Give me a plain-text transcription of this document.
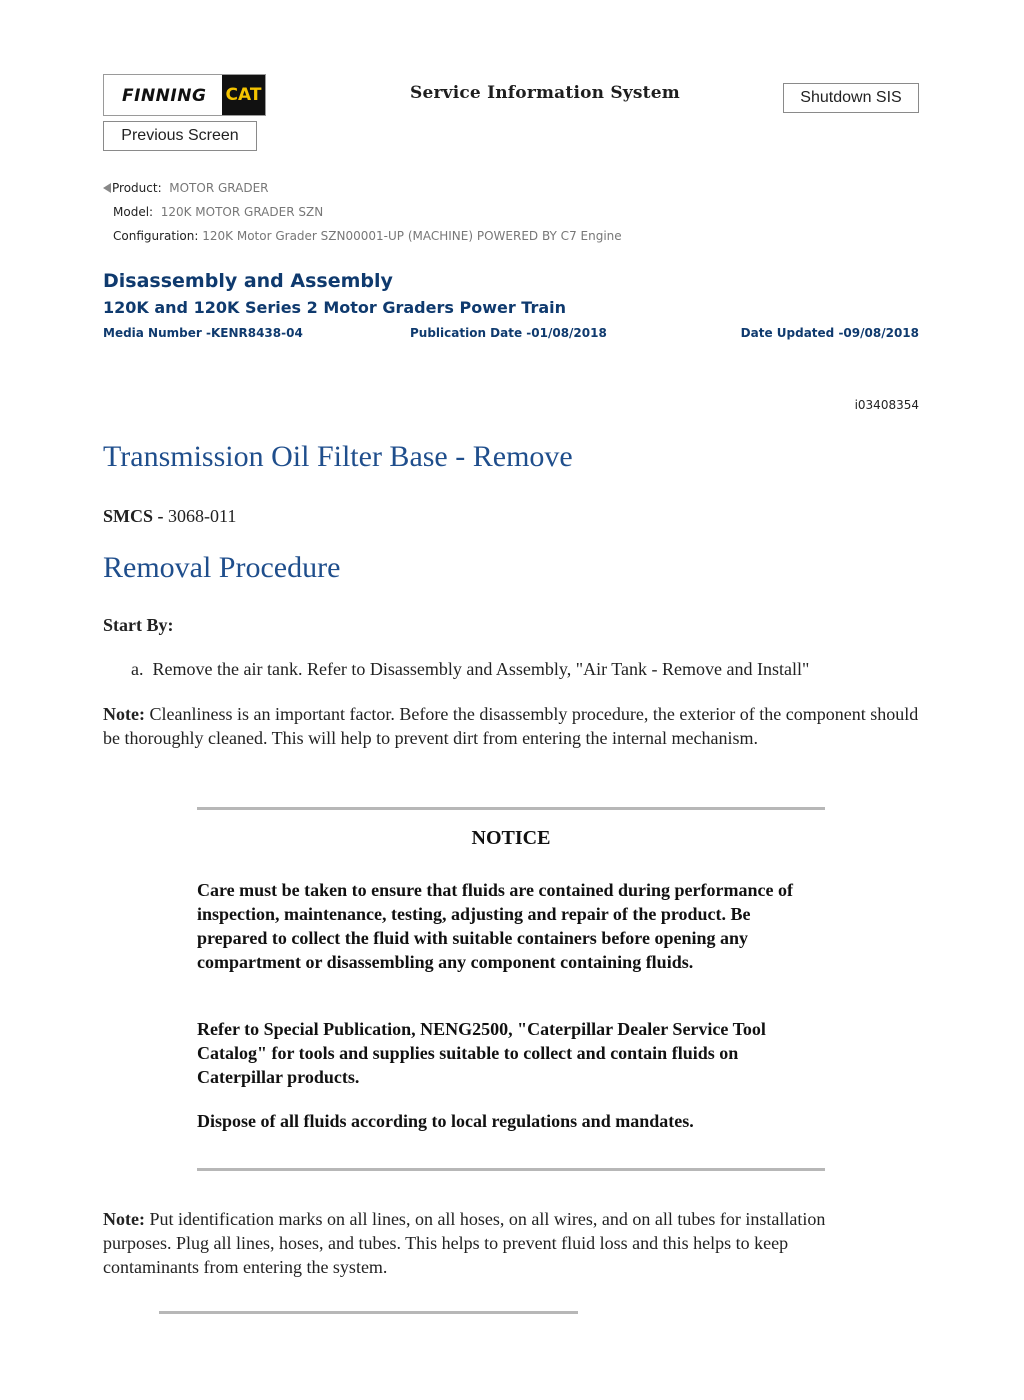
FINNING CAT	Service Information System	Shutdown SIS
Previous Screen
Product: MOTOR GRADER
Model: 120K MOTOR GRADER SZN
Configuration: 120K Motor Grader SZN00001-UP (MACHINE) POWERED BY C7 Engine
Disassembly and Assembly
120K and 120K Series 2 Motor Graders Power Train
Media Number -KENR8438-04	Publication Date -01/08/2018	Date Updated -09/08/2018
i03408354
Transmission Oil Filter Base - Remove
SMCS - 3068-011
Removal Procedure
Start By:
a. Remove the air tank. Refer to Disassembly and Assembly, "Air Tank - Remove and Install"
Note: Cleanliness is an important factor. Before the disassembly procedure, the exterior of the component should be thoroughly cleaned. This will help to prevent dirt from entering the internal mechanism.
NOTICE
Care must be taken to ensure that fluids are contained during performance of inspection, maintenance, testing, adjusting and repair of the product. Be prepared to collect the fluid with suitable containers before opening any compartment or disassembling any component containing fluids.
Refer to Special Publication, NENG2500, "Caterpillar Dealer Service Tool Catalog" for tools and supplies suitable to collect and contain fluids on Caterpillar products.
Dispose of all fluids according to local regulations and mandates.
Note: Put identification marks on all lines, on all hoses, on all wires, and on all tubes for installation purposes. Plug all lines, hoses, and tubes. This helps to prevent fluid loss and this helps to keep contaminants from entering the system.
